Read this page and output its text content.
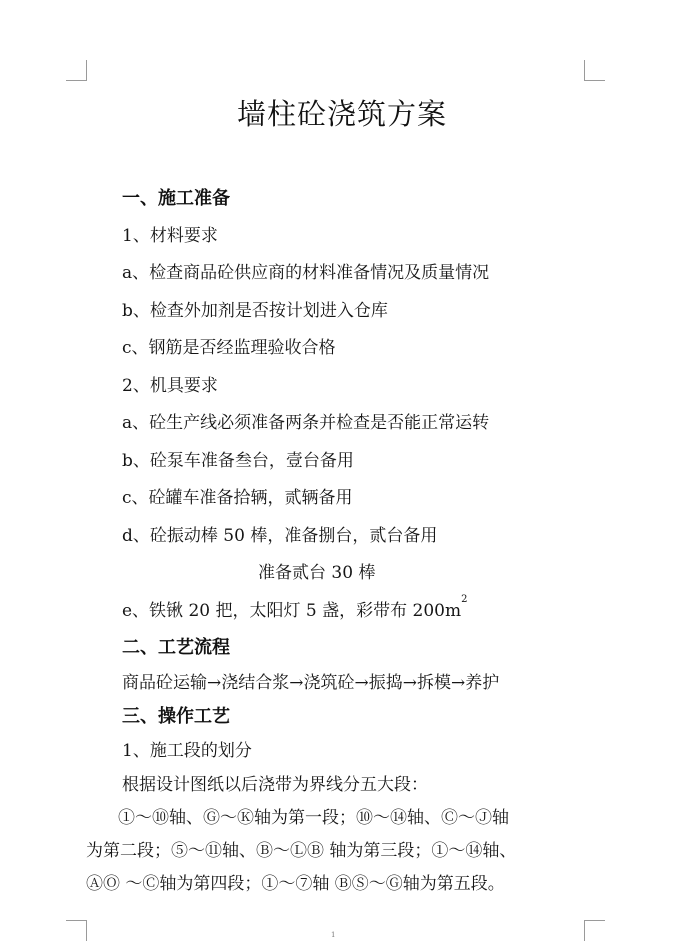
墙柱砼浇筑方案
一、施工准备
1、材料要求
a、检查商品砼供应商的材料准备情况及质量情况
b、检查外加剂是否按计划进入仓库
c、钢筋是否经监理验收合格
2、机具要求
a、砼生产线必须准备两条并检查是否能正常运转
b、砼泵车准备叁台，壹台备用
c、砼罐车准备拾辆，贰辆备用
d、砼振动棒 50 棒，准备捌台，贰台备用
准备贰台 30 棒
e、铁锹 20 把，太阳灯 5 盏，彩带布 $200m^2$
二、工艺流程
商品砼运输→浇结合浆→浇筑砼→振捣→拆模→养护
三、操作工艺
1、施工段的划分
根据设计图纸以后浇带为界线分五大段：
①～⑩轴、Ⓖ～Ⓚ轴为第一段；⑩～⑭轴、Ⓒ～Ⓙ轴
为第二段；⑤～⑪轴、Ⓑ～ⓁⒷ 轴为第三段；①～⑭轴、
ⒶⓄ ～Ⓒ轴为第四段；①～⑦轴 ⒷⓈ～Ⓖ轴为第五段。
1
